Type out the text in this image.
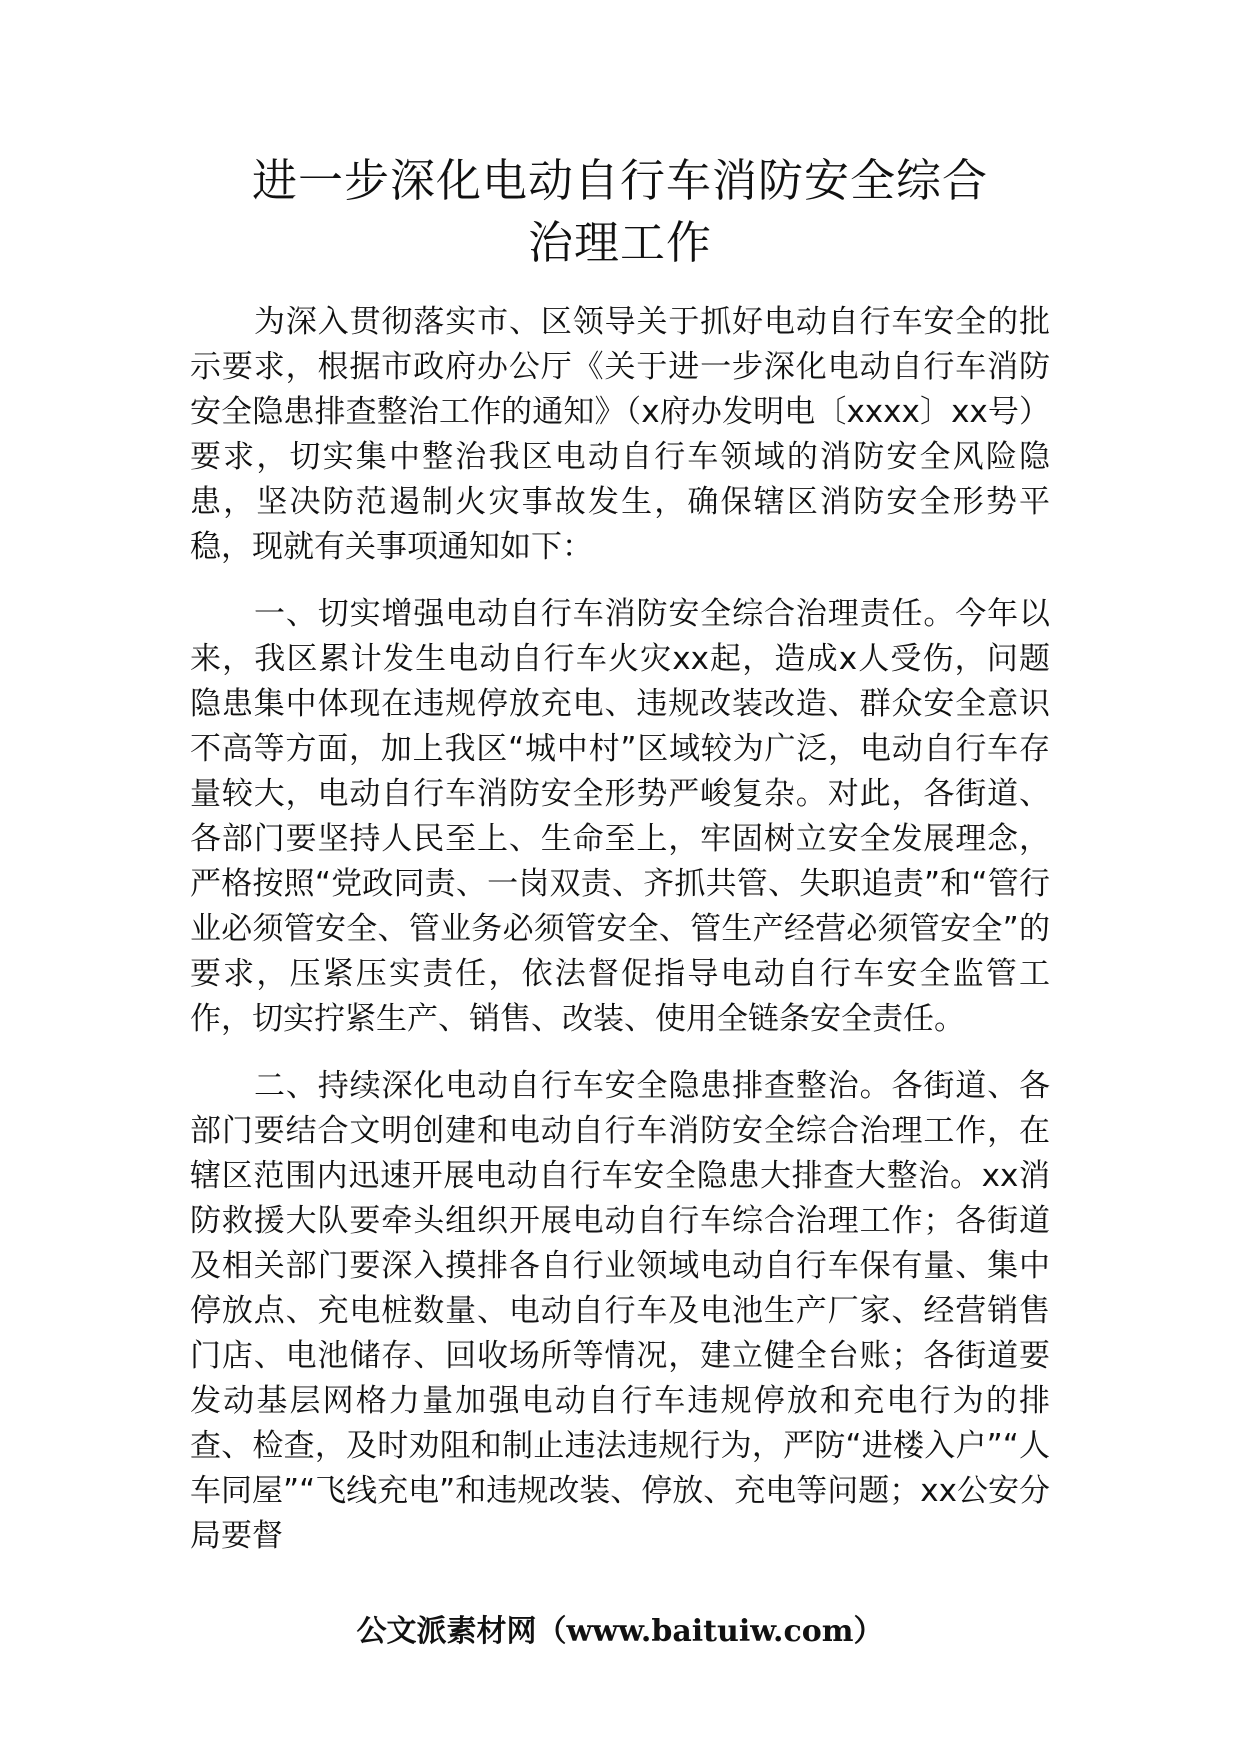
进一步深化电动自行车消防安全综合
治理工作

为深入贯彻落实市、区领导关于抓好电动自行车安全的批示要求，根据市政府办公厅《关于进一步深化电动自行车消防安全隐患排查整治工作的通知》（x府办发明电〔xxxx〕xx号）要求，切实集中整治我区电动自行车领域的消防安全风险隐患，坚决防范遏制火灾事故发生，确保辖区消防安全形势平稳，现就有关事项通知如下：

一、切实增强电动自行车消防安全综合治理责任。今年以来，我区累计发生电动自行车火灾xx起，造成x人受伤，问题隐患集中体现在违规停放充电、违规改装改造、群众安全意识不高等方面，加上我区“城中村”区域较为广泛，电动自行车存量较大，电动自行车消防安全形势严峻复杂。对此，各街道、各部门要坚持人民至上、生命至上，牢固树立安全发展理念，严格按照“党政同责、一岗双责、齐抓共管、失职追责”和“管行业必须管安全、管业务必须管安全、管生产经营必须管安全”的要求，压紧压实责任，依法督促指导电动自行车安全监管工作，切实拧紧生产、销售、改装、使用全链条安全责任。

二、持续深化电动自行车安全隐患排查整治。各街道、各部门要结合文明创建和电动自行车消防安全综合治理工作，在辖区范围内迅速开展电动自行车安全隐患大排查大整治。xx消防救援大队要牵头组织开展电动自行车综合治理工作；各街道及相关部门要深入摸排各自行业领域电动自行车保有量、集中停放点、充电桩数量、电动自行车及电池生产厂家、经营销售门店、电池储存、回收场所等情况，建立健全台账；各街道要发动基层网格力量加强电动自行车违规停放和充电行为的排查、检查，及时劝阻和制止违法违规行为，严防“进楼入户”“人车同屋”“飞线充电”和违规改装、停放、充电等问题；xx公安分局要督

公文派素材网（www.baituiw.com）
